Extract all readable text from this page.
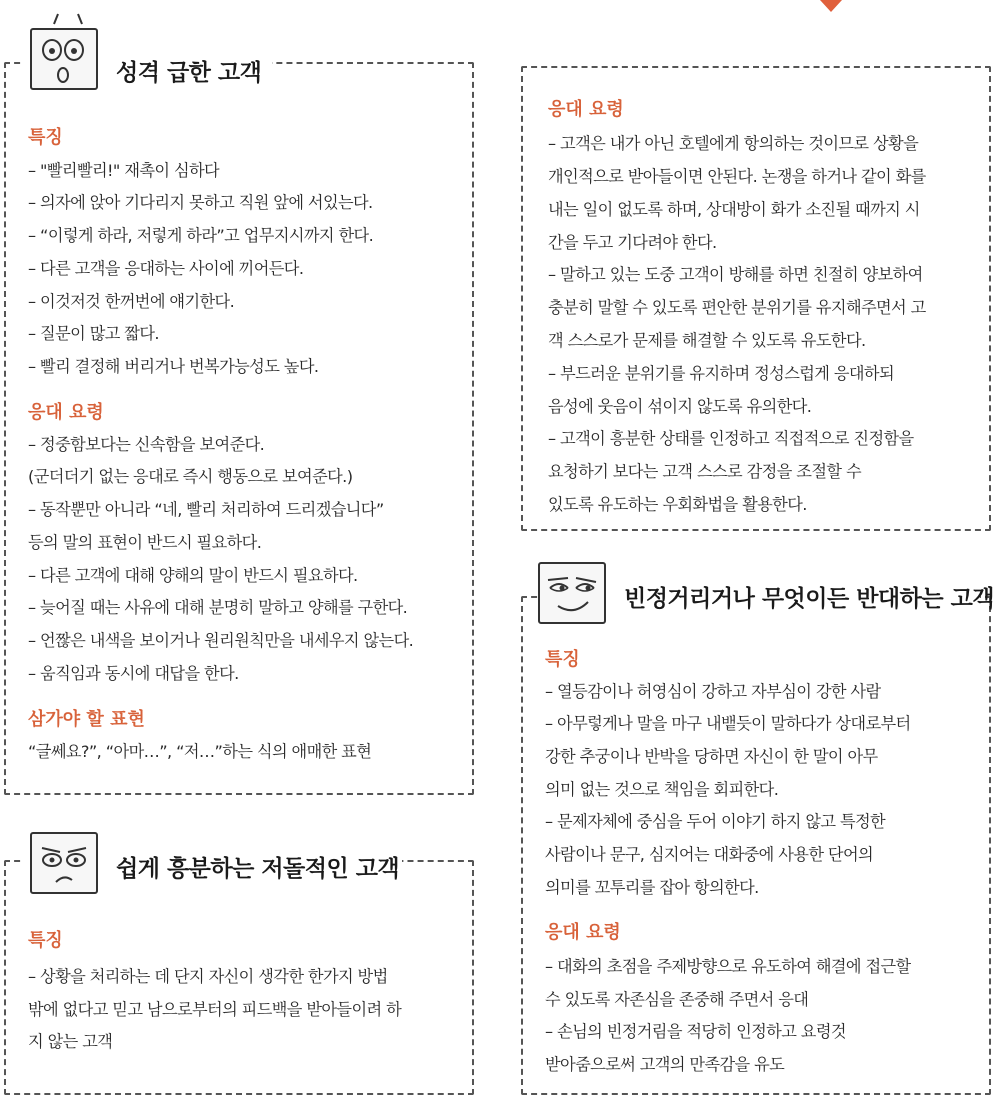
성격 급한 고객
특징
– "빨리빨리!" 재촉이 심하다
– 의자에 앉아 기다리지 못하고 직원 앞에 서있는다.
– “이렇게 하라, 저렇게 하라”고 업무지시까지 한다.
– 다른 고객을 응대하는 사이에 끼어든다.
– 이것저것 한꺼번에 얘기한다.
– 질문이 많고 짧다.
– 빨리 결정해 버리거나 번복가능성도 높다.
응대 요령
– 정중함보다는 신속함을 보여준다.
(군더더기 없는 응대로 즉시 행동으로 보여준다.)
– 동작뿐만 아니라 “네, 빨리 처리하여 드리겠습니다”
등의 말의 표현이 반드시 필요하다.
– 다른 고객에 대해 양해의 말이 반드시 필요하다.
– 늦어질 때는 사유에 대해 분명히 말하고 양해를 구한다.
– 언짢은 내색을 보이거나 원리원칙만을 내세우지 않는다.
– 움직임과 동시에 대답을 한다.
삼가야 할 표현
“글쎄요?”, “아마…”, “저…”하는 식의 애매한 표현
쉽게 흥분하는 저돌적인 고객
특징
– 상황을 처리하는 데 단지 자신이 생각한 한가지 방법
밖에 없다고 믿고 남으로부터의 피드백을 받아들이려 하
지 않는 고객
응대 요령
– 고객은 내가 아닌 호텔에게 항의하는 것이므로 상황을
개인적으로 받아들이면 안된다. 논쟁을 하거나 같이 화를
내는 일이 없도록 하며, 상대방이 화가 소진될 때까지 시
간을 두고 기다려야 한다.
– 말하고 있는 도중 고객이 방해를 하면 친절히 양보하여
충분히 말할 수 있도록 편안한 분위기를 유지해주면서 고
객 스스로가 문제를 해결할 수 있도록 유도한다.
– 부드러운 분위기를 유지하며 정성스럽게 응대하되
음성에 웃음이 섞이지 않도록 유의한다.
– 고객이 흥분한 상태를 인정하고 직접적으로 진정함을
요청하기 보다는 고객 스스로 감정을 조절할 수
있도록 유도하는 우회화법을 활용한다.
빈정거리거나 무엇이든 반대하는 고객
특징
– 열등감이나 허영심이 강하고 자부심이 강한 사람
– 아무렇게나 말을 마구 내뱉듯이 말하다가 상대로부터
강한 추궁이나 반박을 당하면 자신이 한 말이 아무
의미 없는 것으로 책임을 회피한다.
– 문제자체에 중심을 두어 이야기 하지 않고 특정한
사람이나 문구, 심지어는 대화중에 사용한 단어의
의미를 꼬투리를 잡아 항의한다.
응대 요령
– 대화의 초점을 주제방향으로 유도하여 해결에 접근할
수 있도록 자존심을 존중해 주면서 응대
– 손님의 빈정거림을 적당히 인정하고 요령것
받아줌으로써 고객의 만족감을 유도
